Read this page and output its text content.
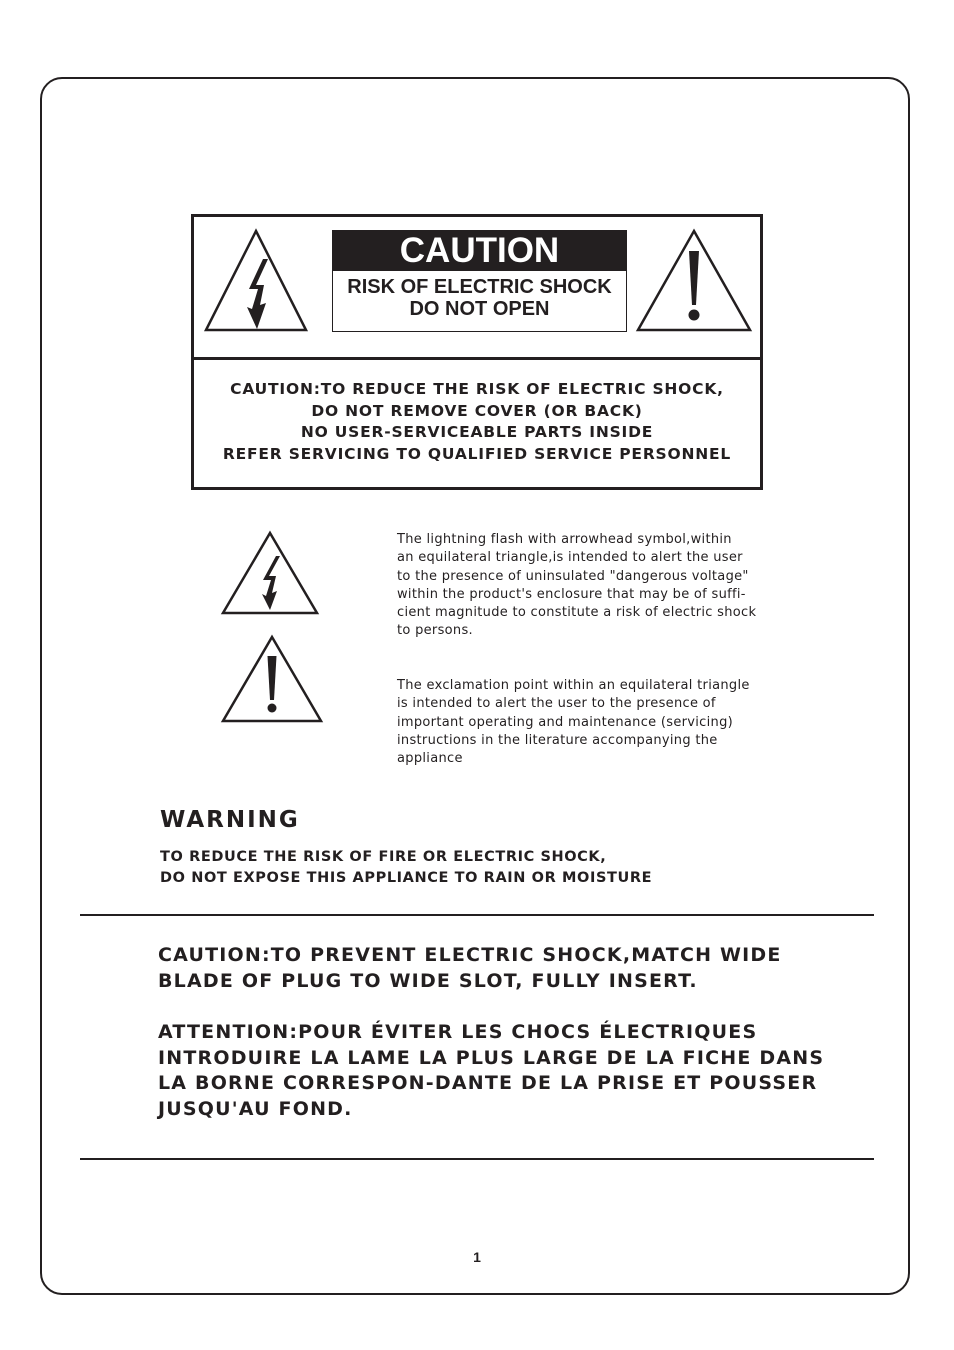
CAUTION
RISK OF ELECTRIC SHOCK
DO NOT OPEN
CAUTION:TO REDUCE THE RISK OF ELECTRIC SHOCK,
DO NOT REMOVE COVER (OR BACK)
NO USER-SERVICEABLE PARTS INSIDE
REFER SERVICING TO QUALIFIED SERVICE PERSONNEL
The lightning flash with arrowhead symbol,within
an equilateral triangle,is intended to alert the user
to the presence of uninsulated "dangerous voltage"
within the product's enclosure that may be of suffi-
cient magnitude to constitute a risk of electric shock
to persons.
The exclamation point within an equilateral triangle
is intended to alert the user to the presence of
important operating and maintenance (servicing)
instructions in the literature accompanying the
appliance
WARNING
TO REDUCE THE RISK OF FIRE OR ELECTRIC SHOCK,
DO NOT EXPOSE THIS APPLIANCE TO RAIN OR MOISTURE
CAUTION:TO PREVENT ELECTRIC SHOCK,MATCH WIDE
BLADE OF PLUG TO WIDE SLOT, FULLY INSERT.
ATTENTION:POUR ÉVITER LES CHOCS ÉLECTRIQUES
INTRODUIRE LA LAME LA PLUS LARGE DE LA FICHE DANS
LA BORNE CORRESPON-DANTE DE LA PRISE ET POUSSER
JUSQU'AU FOND.
1
